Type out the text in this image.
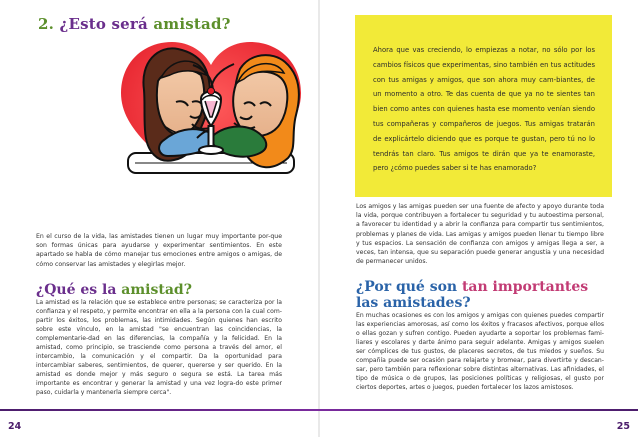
2. ¿Esto será amistad?

En el curso de la vida, las amistades tienen un lugar muy importante por-que son formas únicas para ayudarse y experimentar sentimientos. En este apartado se habla de cómo manejar tus emociones entre amigos o amigas, de cómo conservar las amistades y elegirlas mejor.

¿Qué es la amistad?

La amistad es la relación que se establece entre personas; se caracteriza por la confianza y el respeto, y permite encontrar en ella a la persona con la cual com-partir los éxitos, los problemas, las intimidades. Según quienes han escrito sobre este vínculo, en la amistad "se encuentran las coincidencias, la complementarie-dad en las diferencias, la compañía y la felicidad. En la amistad, como principio, se trasciende como persona a través del amor, el intercambio, la comunicación y el compartir. Da la oportunidad para intercambiar saberes, sentimientos, de querer, quererse y ser querido. En la amistad es donde mejor y más seguro o segura se está. La tarea más importante es encontrar y generar la amistad y una vez logra-do este primer paso, cuidarla y mantenerla siempre cerca".

Ahora que vas creciendo, lo empiezas a notar, no sólo por los cambios físicos que experimentas, sino también en tus actitudes con tus amigas y amigos, que son ahora muy cam-biantes, de un momento a otro. Te das cuenta de que ya no te sientes tan bien como antes con quienes hasta ese momento venían siendo tus compañeras y compañeros de juegos. Tus amigas tratarán de explicártelo diciendo que es porque te gustan, pero tú no lo tendrás tan claro. Tus amigos te dirán que ya te enamoraste, pero ¿cómo puedes saber si te has enamorado?

Los amigos y las amigas pueden ser una fuente de afecto y apoyo durante toda la vida, porque contribuyen a fortalecer tu seguridad y tu autoestima personal, a favorecer tu identidad y a abrir la confianza para compartir tus sentimientos, problemas y planes de vida. Las amigas y amigos pueden llenar tu tiempo libre y tus espacios. La sensación de confianza con amigos y amigas llega a ser, a veces, tan intensa, que su separación puede generar angustia y una necesidad de permanecer unidos.

¿Por qué son tan importantes
las amistades?

En muchas ocasiones es con los amigos y amigas con quienes puedes compartir las experiencias amorosas, así como los éxitos y fracasos afectivos, porque ellos o ellas gozan y sufren contigo. Pueden ayudarte a soportar los problemas fami-liares y escolares y darte ánimo para seguir adelante. Amigas y amigos suelen ser cómplices de tus gustos, de placeres secretos, de tus miedos y sueños. Su compañía puede ser ocasión para relajarte y bromear, para divertirte y descan-sar, pero también para reflexionar sobre distintas alternativas. Las afinidades, el tipo de música o de grupos, las posiciones políticas y religiosas, el gusto por ciertos deportes, artes o juegos, pueden fortalecer los lazos amistosos.

24	25
